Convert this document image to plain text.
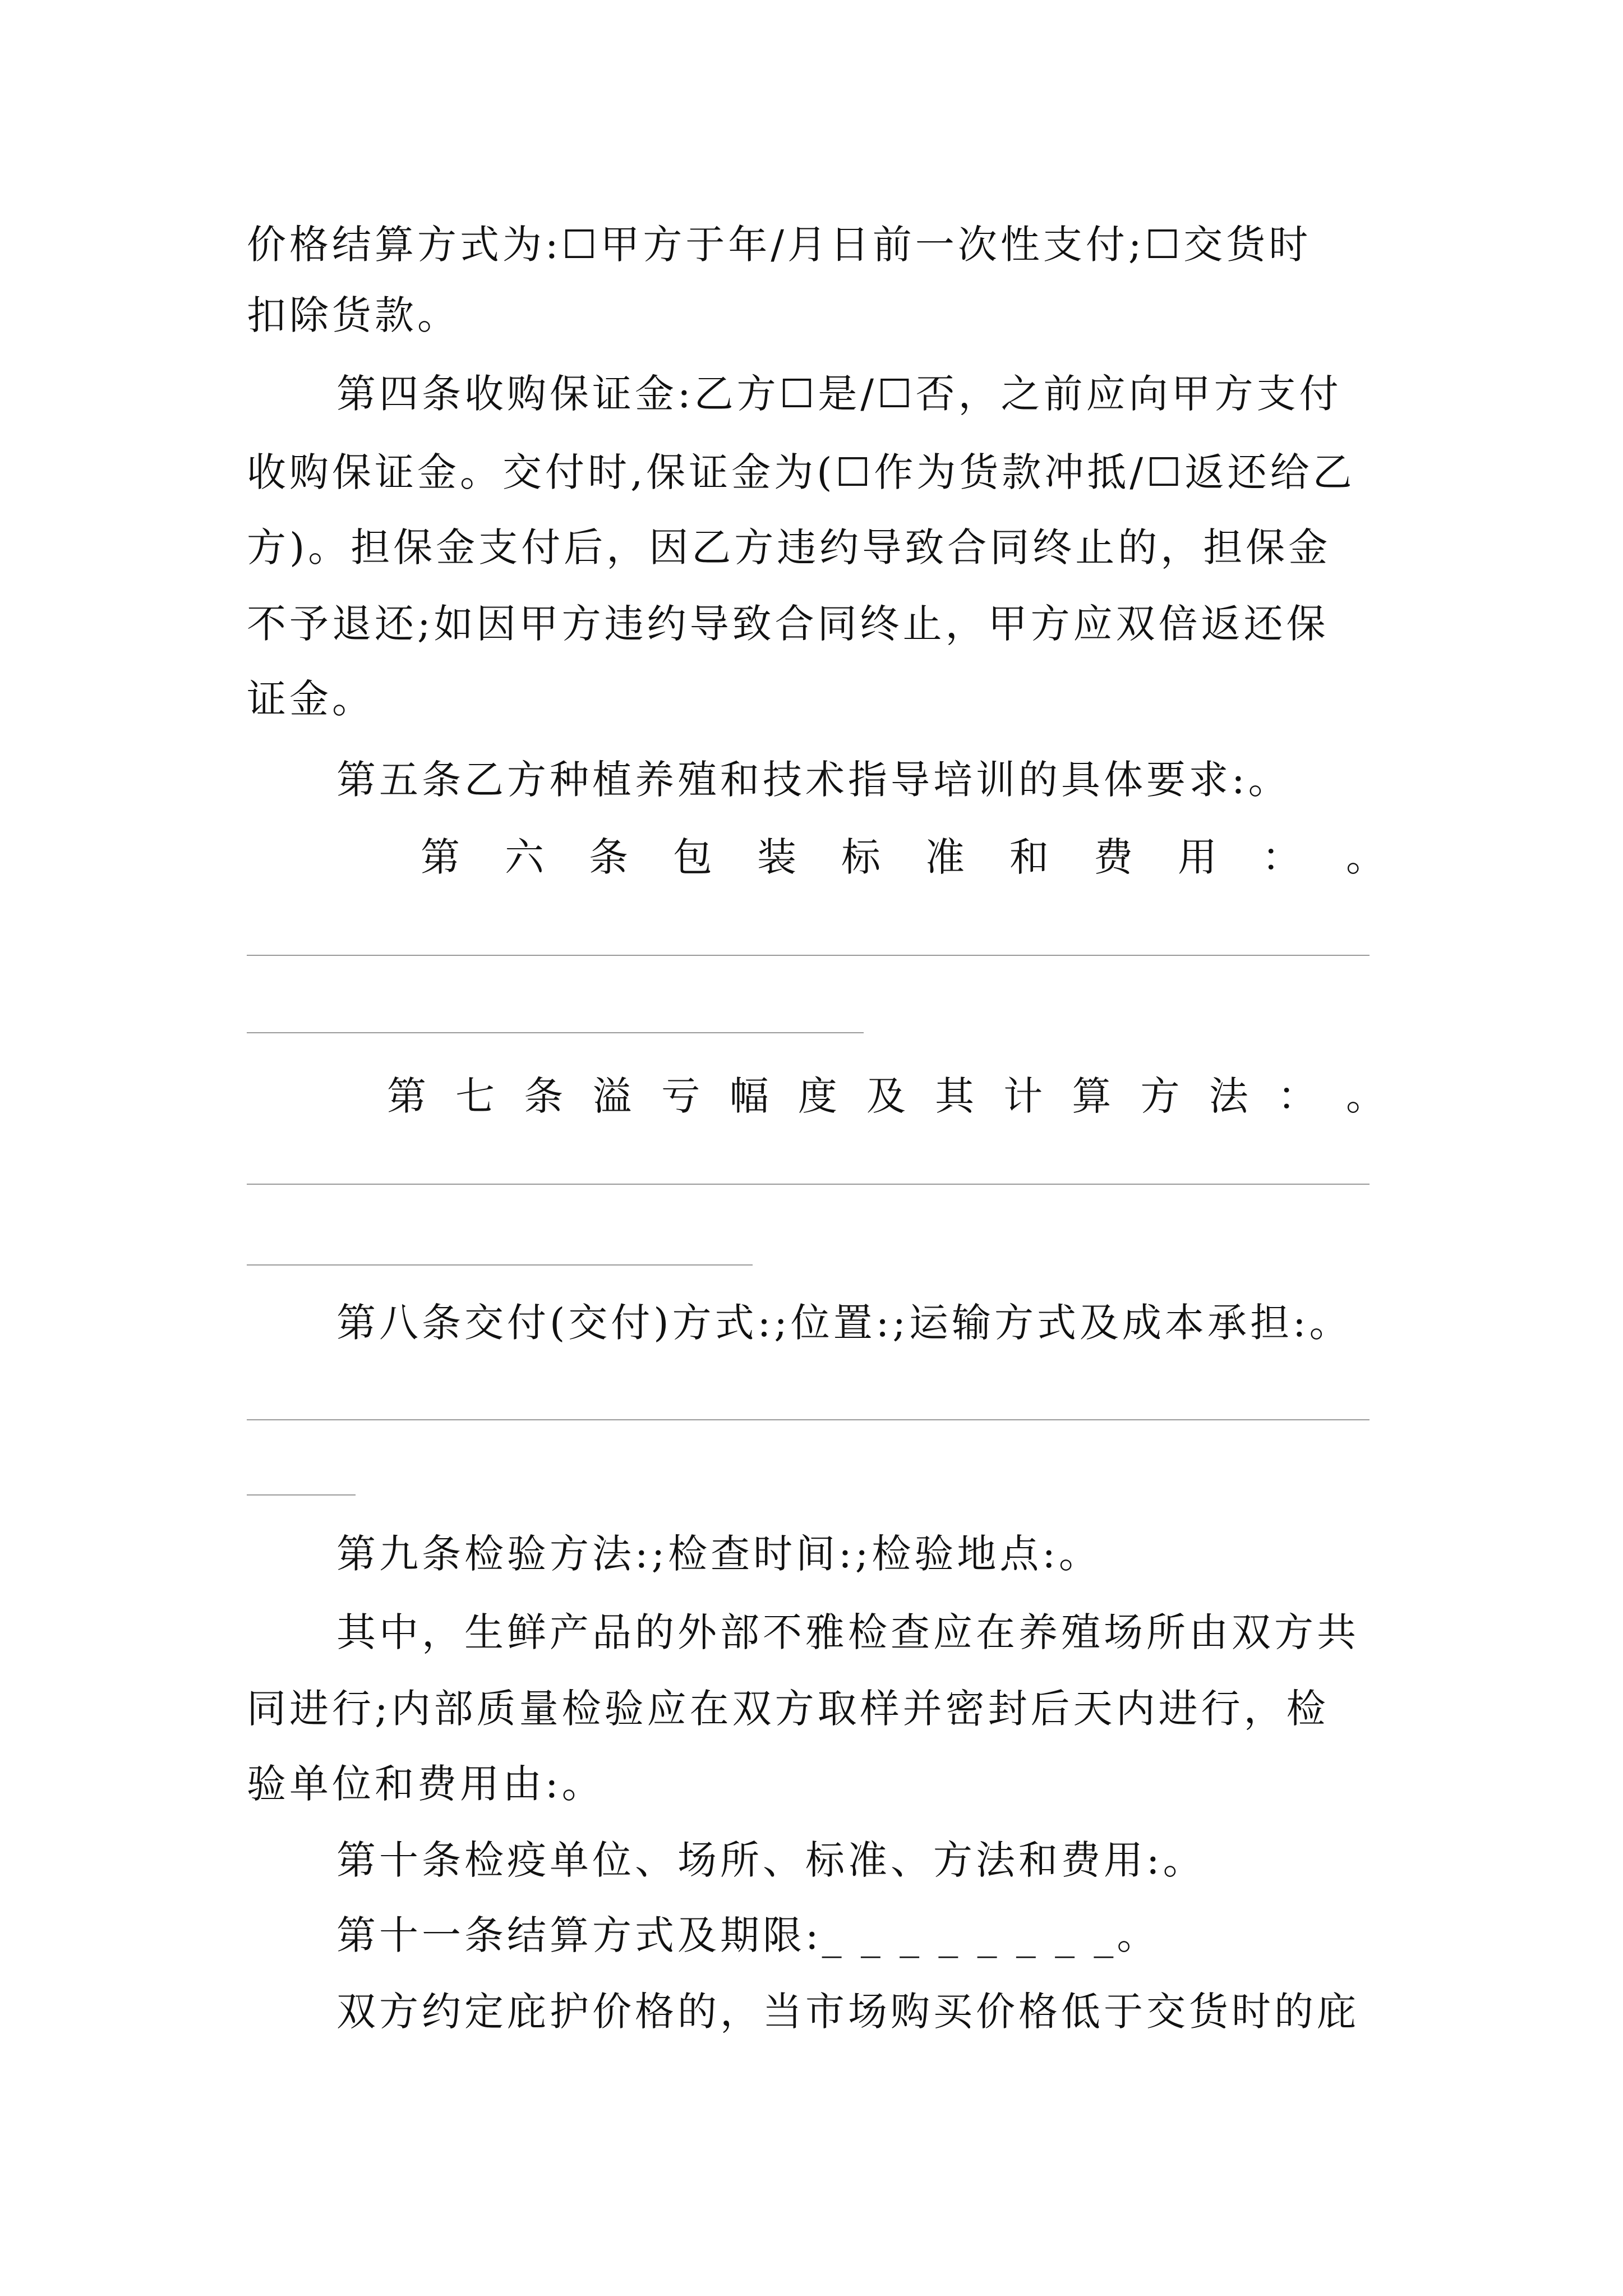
价格结算方式为:☐甲方于年/月日前一次性支付;☐交货时
扣除货款。
第四条收购保证金:乙方☐是/☐否，之前应向甲方支付
收购保证金。交付时,保证金为(☐作为货款冲抵/☐返还给乙
方)。担保金支付后，因乙方违约导致合同终止的，担保金
不予退还;如因甲方违约导致合同终止，甲方应双倍返还保
证金。
第五条乙方种植养殖和技术指导培训的具体要求:。
第 六 条 包 装 标 准 和 费 用 ： 。
第 七 条 溢 亏 幅 度 及 其 计 算 方 法 ： 。
第八条交付(交付)方式:;位置:;运输方式及成本承担:。
第九条检验方法:;检查时间:;检验地点:。
其中，生鲜产品的外部不雅检查应在养殖场所由双方共
同进行;内部质量检验应在双方取样并密封后天内进行，检
验单位和费用由:。
第十条检疫单位、场所、标准、方法和费用:。
第十一条结算方式及期限:_ _ _ _ _ _ _ _。
双方约定庇护价格的，当市场购买价格低于交货时的庇
